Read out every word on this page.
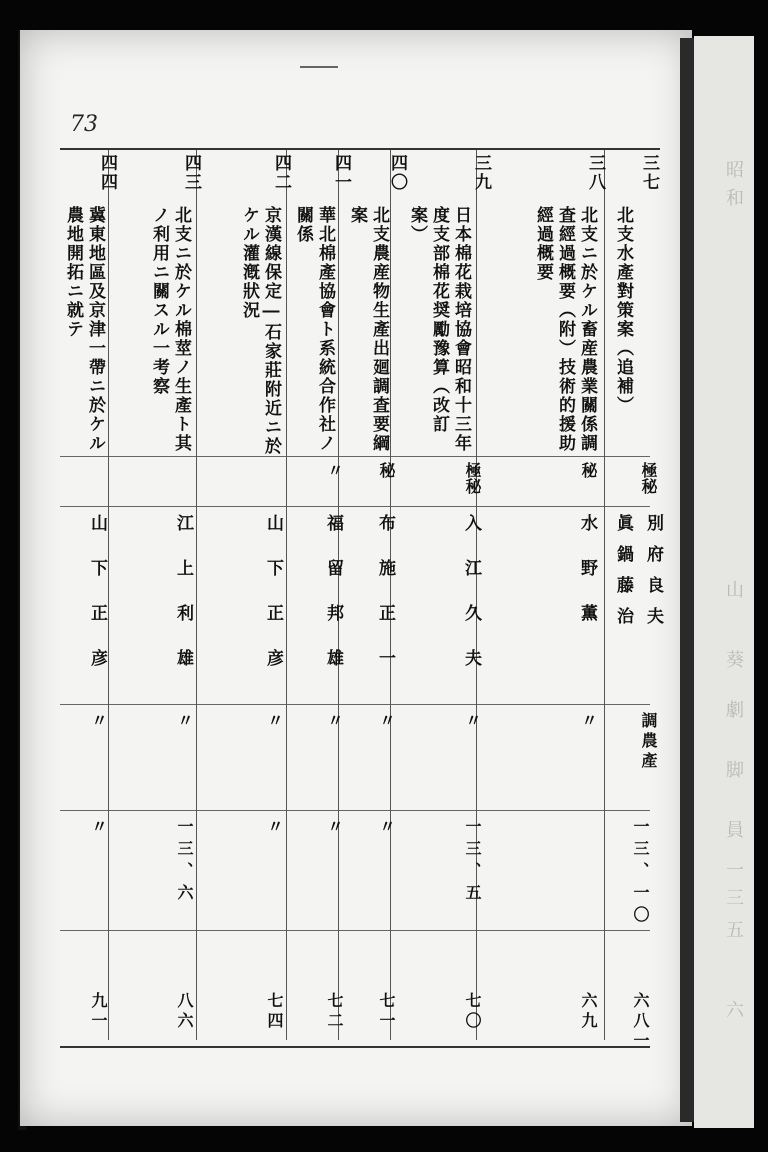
73
三七
北支水產對策案（追補）
極秘
別府良夫
眞鍋藤治
調農產
一三、一〇
六八一
三八
北支ニ於ケル畜産農業關係調査經過概要（附）技術的援助經過概要
秘
水野薫
〃
六九
三九
日本棉花栽培協會昭和十三年度支部棉花奨勵豫算（改訂案）
極秘
入江久夫
〃
一三、五
七〇
四〇
北支農産物生產出廻調査要綱案
秘
布施正一
〃
〃
七一
四一
華北棉產協會ト系統合作社ノ關係
〃
福留邦雄
〃
〃
七二
四二
京漢線保定―石家莊附近ニ於ケル灌漑狀況
山下正彦
〃
〃
七四
四三
北支ニ於ケル棉莖ノ生產ト其ノ利用ニ關スル一考察
江上利雄
〃
一三、六
八六
四四
冀東地區及京津一帶ニ於ケル農地開拓ニ就テ
山下正彦
〃
〃
九一
昭和
山
葵
劇
脚
員
一三
五
六
